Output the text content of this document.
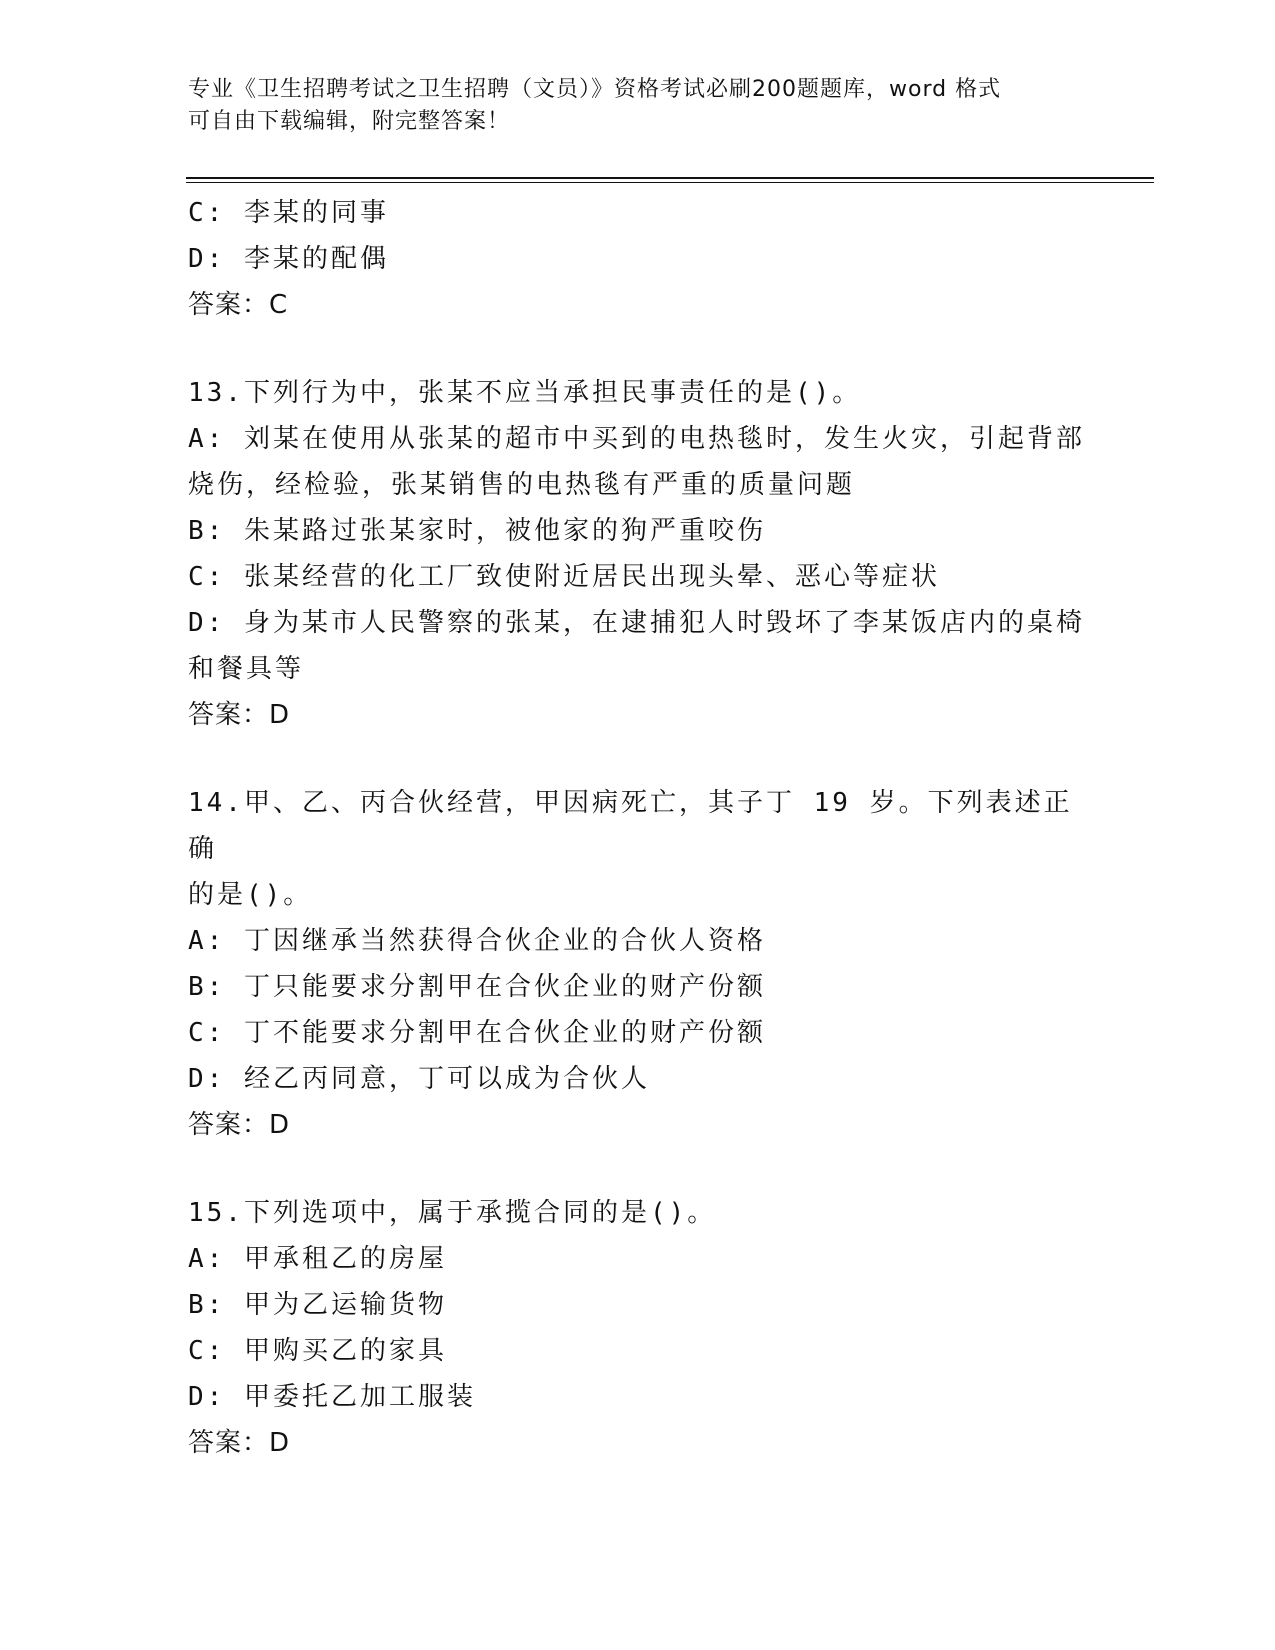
专业《卫生招聘考试之卫生招聘（文员）》资格考试必刷200题题库，word 格式
可自由下载编辑，附完整答案！
C: 李某的同事
D: 李某的配偶
答案：C
13.下列行为中，张某不应当承担民事责任的是()。
A: 刘某在使用从张某的超市中买到的电热毯时，发生火灾，引起背部
烧伤，经检验，张某销售的电热毯有严重的质量问题
B: 朱某路过张某家时，被他家的狗严重咬伤
C: 张某经营的化工厂致使附近居民出现头晕、恶心等症状
D: 身为某市人民警察的张某，在逮捕犯人时毁坏了李某饭店内的桌椅
和餐具等
答案：D
14.甲、乙、丙合伙经营，甲因病死亡，其子丁 19 岁。下列表述正确
的是()。
A: 丁因继承当然获得合伙企业的合伙人资格
B: 丁只能要求分割甲在合伙企业的财产份额
C: 丁不能要求分割甲在合伙企业的财产份额
D: 经乙丙同意，丁可以成为合伙人
答案：D
15.下列选项中，属于承揽合同的是()。
A: 甲承租乙的房屋
B: 甲为乙运输货物
C: 甲购买乙的家具
D: 甲委托乙加工服装
答案：D
